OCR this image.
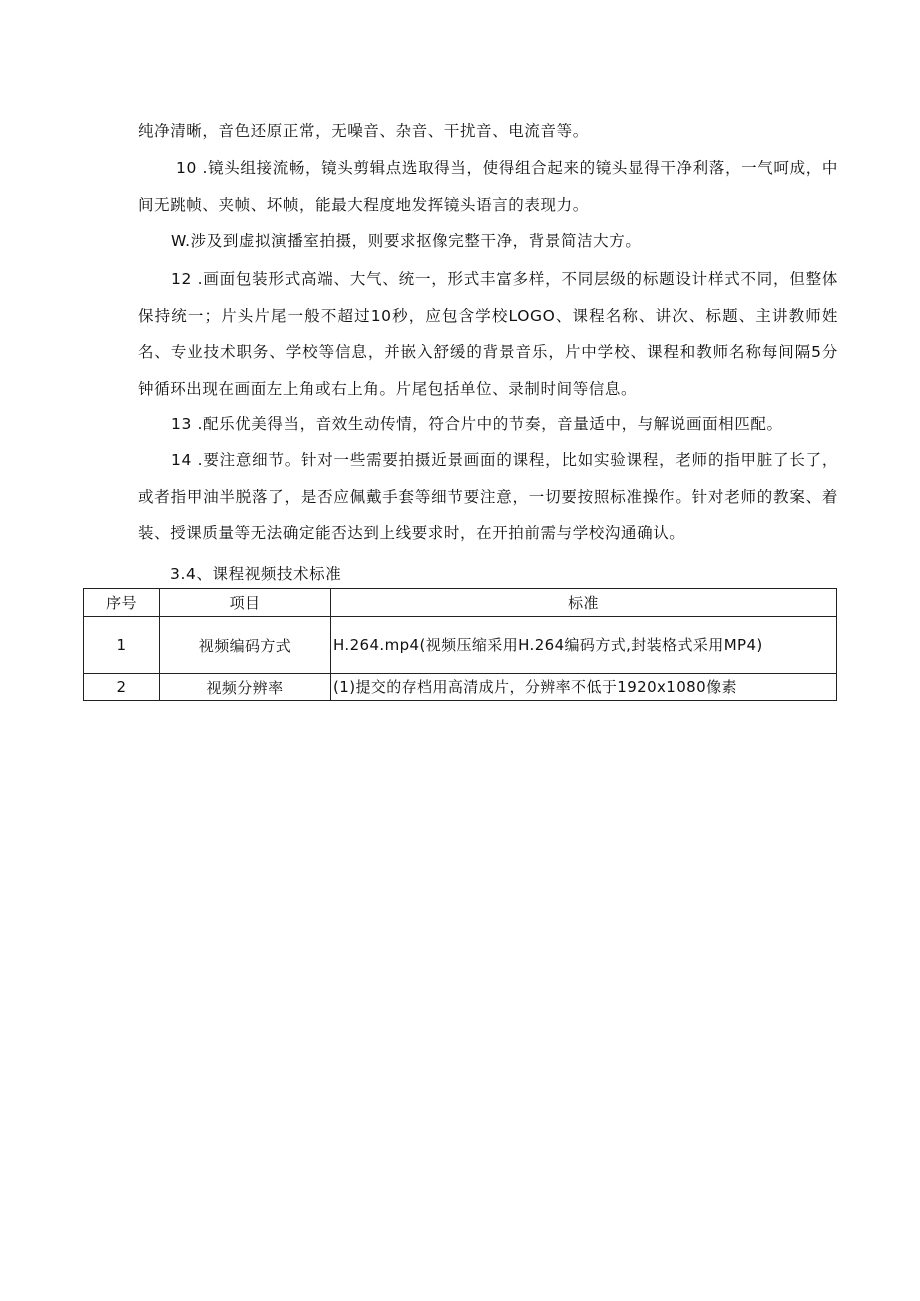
纯净清晰，音色还原正常，无噪音、杂音、干扰音、电流音等。

10 .镜头组接流畅，镜头剪辑点选取得当，使得组合起来的镜头显得干净利落，一气呵成，中间无跳帧、夹帧、坏帧，能最大程度地发挥镜头语言的表现力。

W.涉及到虚拟演播室拍摄，则要求抠像完整干净，背景简洁大方。

12 .画面包装形式高端、大气、统一，形式丰富多样，不同层级的标题设计样式不同，但整体保持统一；片头片尾一般不超过10秒，应包含学校LOGO、课程名称、讲次、标题、主讲教师姓名、专业技术职务、学校等信息，并嵌入舒缓的背景音乐，片中学校、课程和教师名称每间隔5分钟循环出现在画面左上角或右上角。片尾包括单位、录制时间等信息。

13 .配乐优美得当，音效生动传情，符合片中的节奏，音量适中，与解说画面相匹配。

14 .要注意细节。针对一些需要拍摄近景画面的课程，比如实验课程，老师的指甲脏了长了，或者指甲油半脱落了，是否应佩戴手套等细节要注意，一切要按照标准操作。针对老师的教案、着装、授课质量等无法确定能否达到上线要求时，在开拍前需与学校沟通确认。

3.4、课程视频技术标准

序号	项目	标准
1	视频编码方式	H.264.mp4(视频压缩采用H.264编码方式,封装格式采用MP4)
2	视频分辨率	(1)提交的存档用高清成片，分辨率不低于1920x1080像素
